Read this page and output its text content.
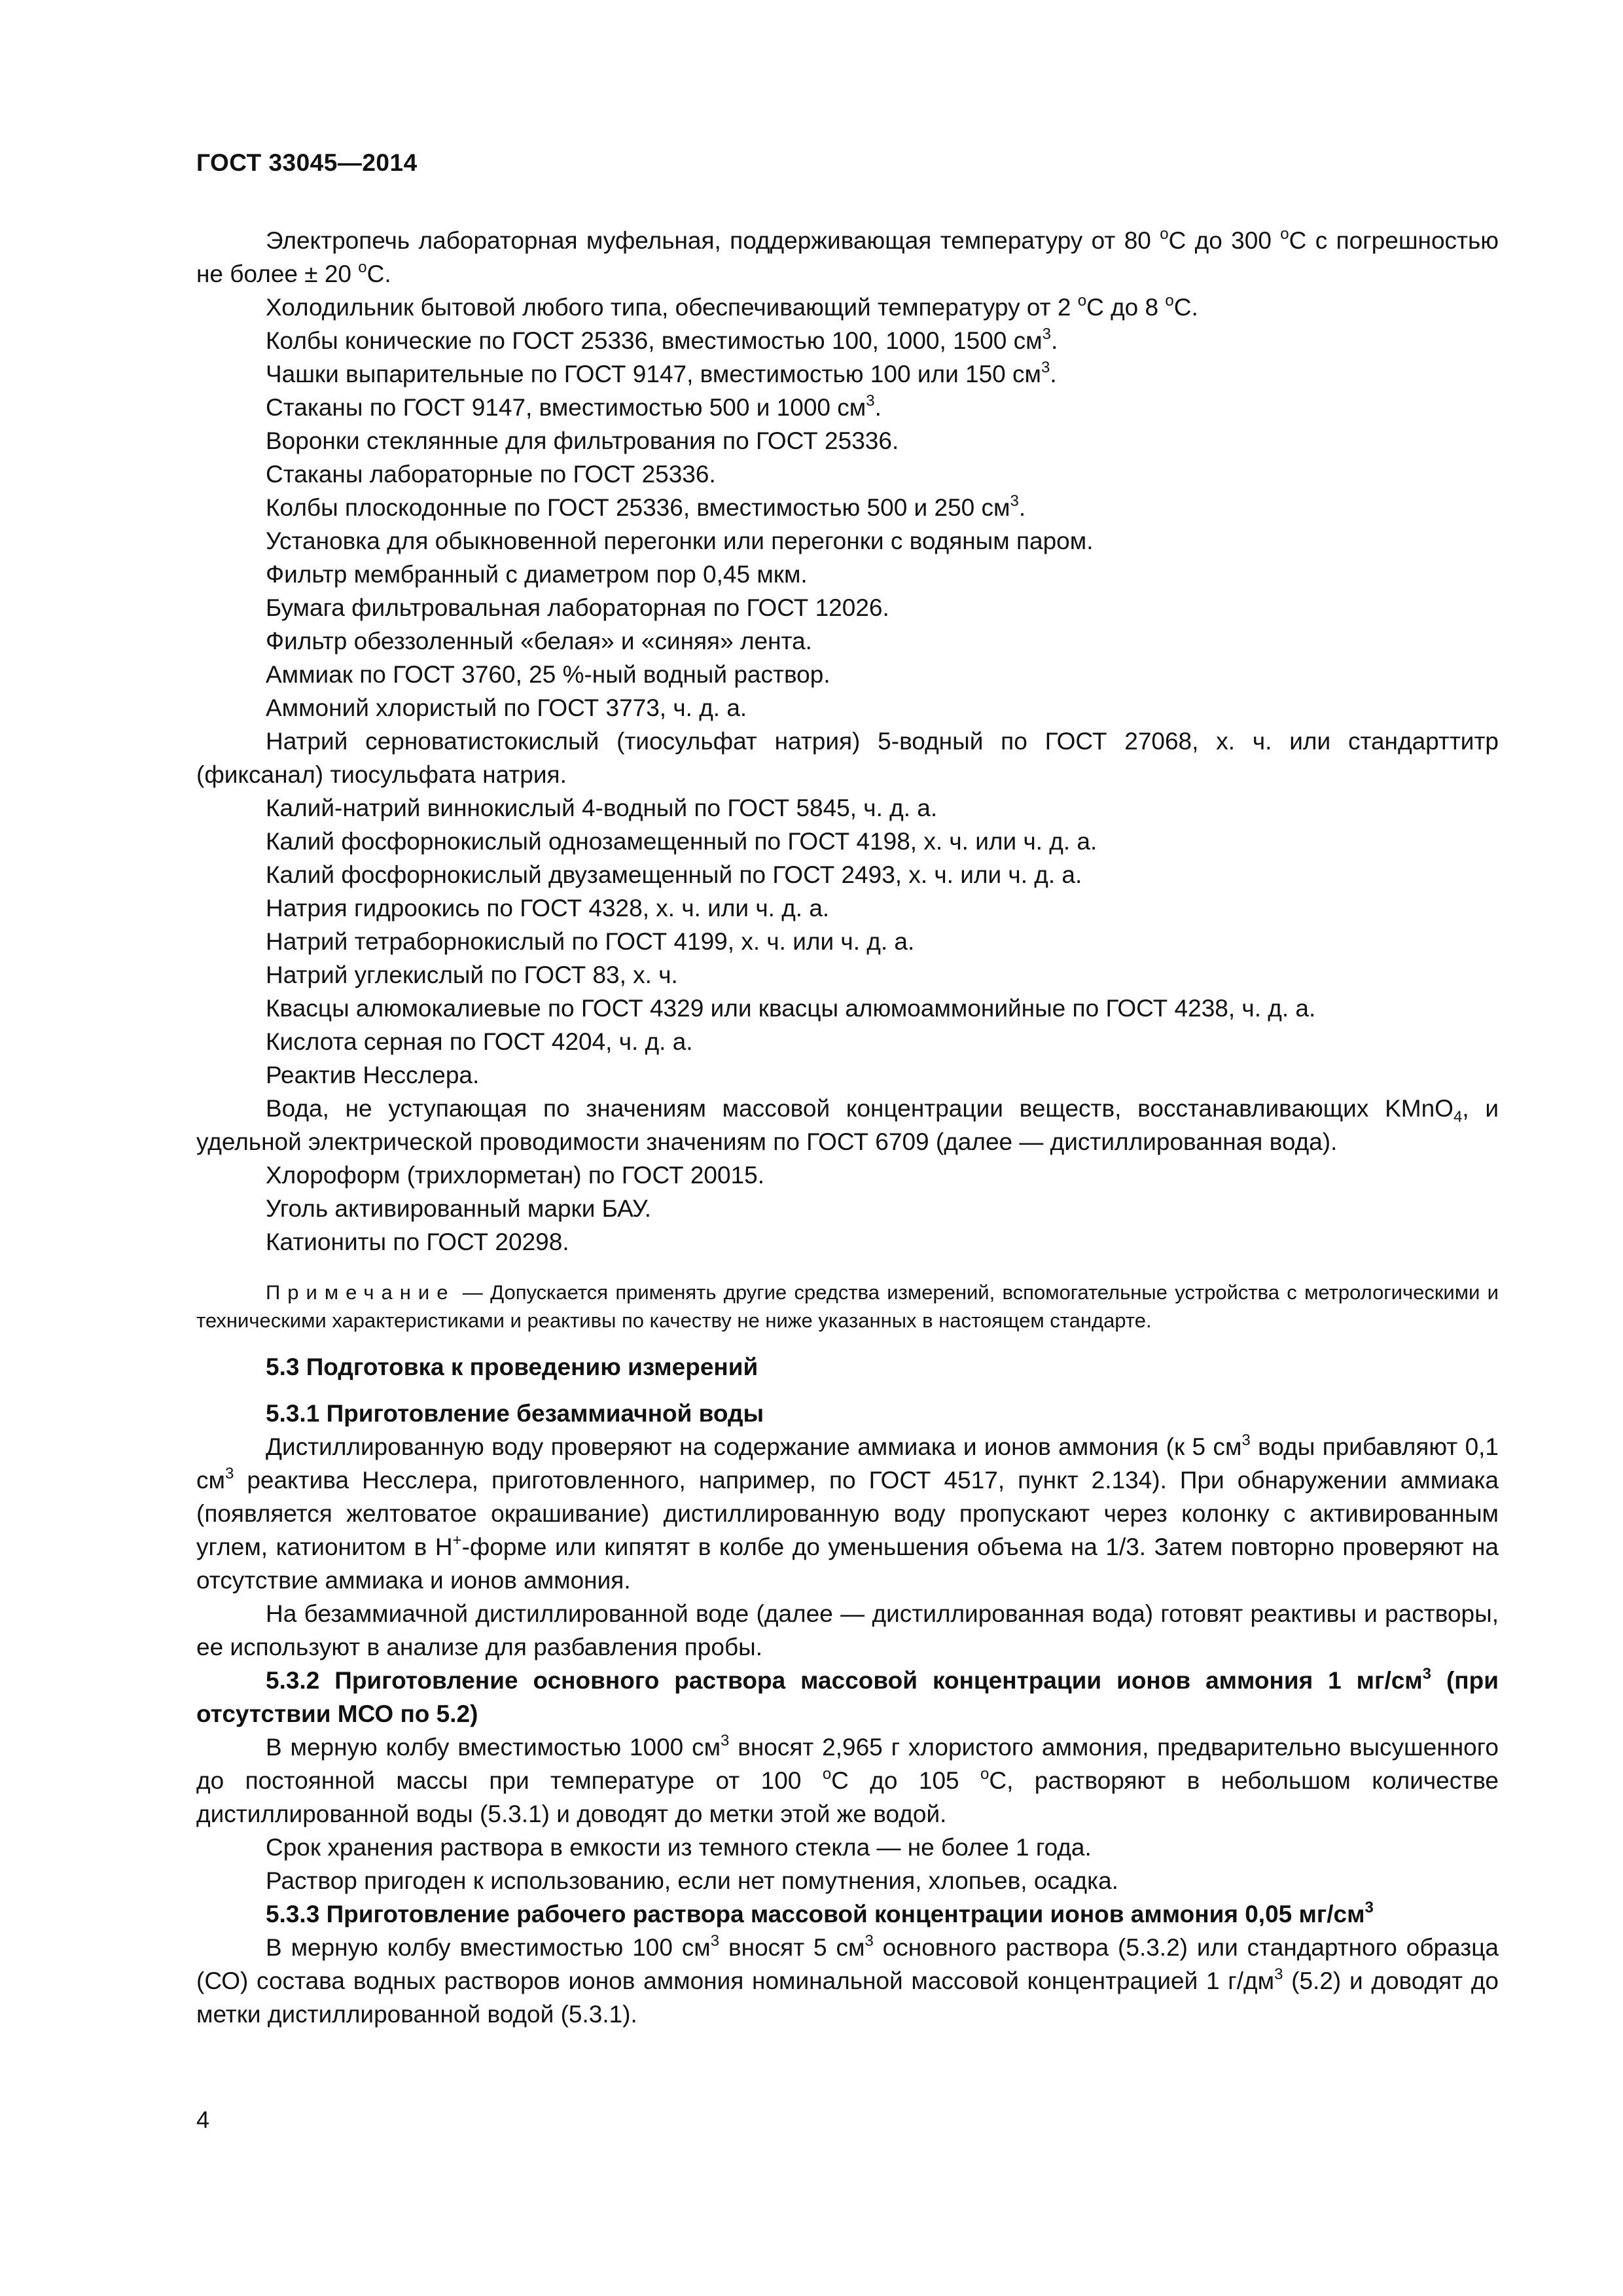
ГОСТ 33045—2014

Электропечь лабораторная муфельная, поддерживающая температуру от 80 $^o$C до 300 $^o$C с погрешностью не более ± 20 $^o$C.

Холодильник бытовой любого типа, обеспечивающий температуру от 2 $^o$C до 8 $^o$C.

Колбы конические по ГОСТ 25336, вместимостью 100, 1000, 1500 $см^3$.

Чашки выпарительные по ГОСТ 9147, вместимостью 100 или 150 $см^3$.

Стаканы по ГОСТ 9147, вместимостью 500 и 1000 $см^3$.

Воронки стеклянные для фильтрования по ГОСТ 25336.

Стаканы лабораторные по ГОСТ 25336.

Колбы плоскодонные по ГОСТ 25336, вместимостью 500 и 250 $см^3$.

Установка для обыкновенной перегонки или перегонки с водяным паром.

Фильтр мембранный с диаметром пор 0,45 мкм.

Бумага фильтровальная лабораторная по ГОСТ 12026.

Фильтр обеззоленный «белая» и «синяя» лента.

Аммиак по ГОСТ 3760, 25 %-ный водный раствор.

Аммоний хлористый по ГОСТ 3773, ч. д. а.

Натрий серноватистокислый (тиосульфат натрия) 5-водный по ГОСТ 27068, х. ч. или стандарттитр (фиксанал) тиосульфата натрия.

Калий-натрий виннокислый 4-водный по ГОСТ 5845, ч. д. а.

Калий фосфорнокислый однозамещенный по ГОСТ 4198, х. ч. или ч. д. а.

Калий фосфорнокислый двузамещенный по ГОСТ 2493, х. ч. или ч. д. а.

Натрия гидроокись по ГОСТ 4328, х. ч. или ч. д. а.

Натрий тетраборнокислый по ГОСТ 4199, х. ч. или ч. д. а.

Натрий углекислый по ГОСТ 83, х. ч.

Квасцы алюмокалиевые по ГОСТ 4329 или квасцы алюмоаммонийные по ГОСТ 4238, ч. д. а.

Кислота серная по ГОСТ 4204, ч. д. а.

Реактив Несслера.

Вода, не уступающая по значениям массовой концентрации веществ, восстанавливающих KMnO$_4$, и удельной электрической проводимости значениям по ГОСТ 6709 (далее — дистиллированная вода).

Хлороформ (трихлорметан) по ГОСТ 20015.

Уголь активированный марки БАУ.

Катиониты по ГОСТ 20298.

Примечание — Допускается применять другие средства измерений, вспомогательные устройства с метрологическими и техническими характеристиками и реактивы по качеству не ниже указанных в настоящем стандарте.

5.3 Подготовка к проведению измерений

5.3.1 Приготовление безаммиачной воды

Дистиллированную воду проверяют на содержание аммиака и ионов аммония (к 5 $см^3$ воды прибавляют 0,1 $см^3$ реактива Несслера, приготовленного, например, по ГОСТ 4517, пункт 2.134). При обнаружении аммиака (появляется желтоватое окрашивание) дистиллированную воду пропускают через колонку с активированным углем, катионитом в H+-форме или кипятят в колбе до уменьшения объема на 1/3. Затем повторно проверяют на отсутствие аммиака и ионов аммония.

На безаммиачной дистиллированной воде (далее — дистиллированная вода) готовят реактивы и растворы, ее используют в анализе для разбавления пробы.

5.3.2 Приготовление основного раствора массовой концентрации ионов аммония 1 $мг/см^3$ (при отсутствии МСО по 5.2)

В мерную колбу вместимостью 1000 $см^3$ вносят 2,965 г хлористого аммония, предварительно высушенного до постоянной массы при температуре от 100 $^o$C до 105 $^o$C, растворяют в небольшом количестве дистиллированной воды (5.3.1) и доводят до метки этой же водой.

Срок хранения раствора в емкости из темного стекла — не более 1 года.

Раствор пригоден к использованию, если нет помутнения, хлопьев, осадка.

5.3.3 Приготовление рабочего раствора массовой концентрации ионов аммония 0,05 $мг/см^3$

В мерную колбу вместимостью 100 $см^3$ вносят 5 $см^3$ основного раствора (5.3.2) или стандартного образца (СО) состава водных растворов ионов аммония номинальной массовой концентрацией 1 $г/дм^3$ (5.2) и доводят до метки дистиллированной водой (5.3.1).

4
